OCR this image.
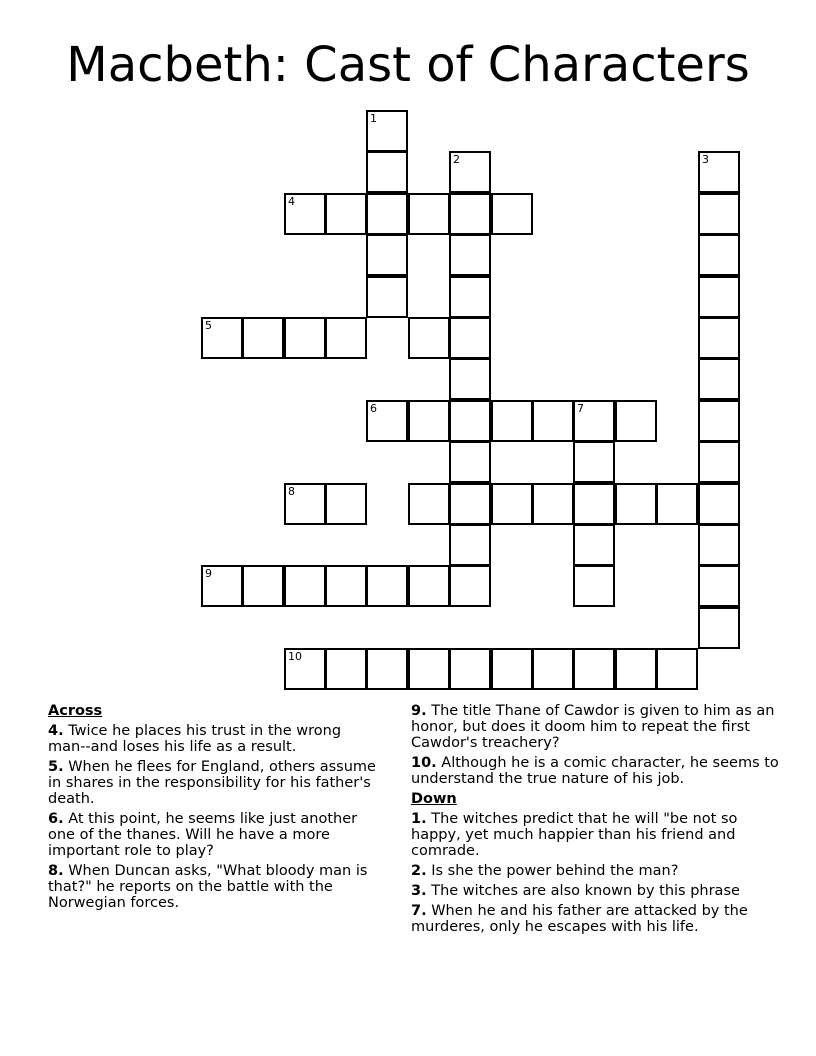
Macbeth: Cast of Characters
1
2	3
4
5
6	7
8
9
10
Across
4. Twice he places his trust in the wrong man--and loses his life as a result.
5. When he flees for England, others assume in shares in the responsibility for his father's death.
6. At this point, he seems like just another one of the thanes. Will he have a more important role to play?
8. When Duncan asks, "What bloody man is that?" he reports on the battle with the Norwegian forces.
9. The title Thane of Cawdor is given to him as an honor, but does it doom him to repeat the first Cawdor's treachery?
10. Although he is a comic character, he seems to understand the true nature of his job.
Down
1. The witches predict that he will "be not so happy, yet much happier than his friend and comrade.
2. Is she the power behind the man?
3. The witches are also known by this phrase
7. When he and his father are attacked by the murderes, only he escapes with his life.
